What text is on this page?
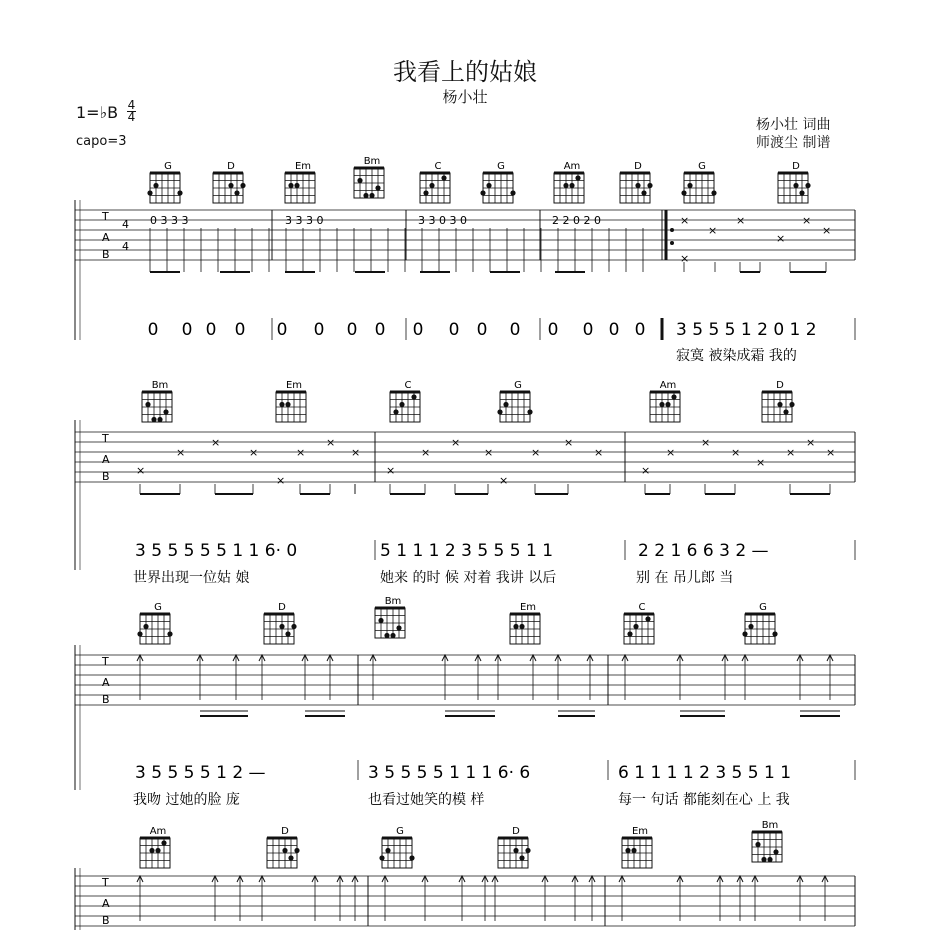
我看上的姑娘
杨小壮
1=♭B 4
4
capo=3
杨小壮 词曲
师渡尘 制谱
G	D	Em	Bm	C	G	Am	D	G	D
T
A
B
4
4
0 3 3 3	3 3 3 0	3 3 0 3 0	2 2 0 2 0	×
×
×
×
×
×
×
0 0 0 0 0 0 0 0 0 0 0 0 0 0 0 0 3 5 5 5 1 2 0 1 2
寂寞 被染成霜 我的
Bm	Em	C	G	Am	D
T
A
B ×
×
×
×
×
×
×
×
×
×
×
×
×
×
×
×
×
×
×
×
×
×
×
×
3 5 5 5 5 5 1 1 6· 0	5 1 1 1 2 3 5 5 5 1 1	2 2 1 6 6 3 2 —
世界出现一位姑 娘	她来 的时 候 对着 我讲 以后	别 在 吊儿郎 当
G	D
Bm
Em	C	G
T
A
B
3 5 5 5 5 1 2 —	3 5 5 5 5 1 1 1 6· 6	6 1 1 1 1 2 3 5 5 1 1
我吻 过她的脸 庞	也看过她笑的模 样	每一 句话 都能刻在心 上 我
Am	D	G	D	Em
Bm
T
A
B
